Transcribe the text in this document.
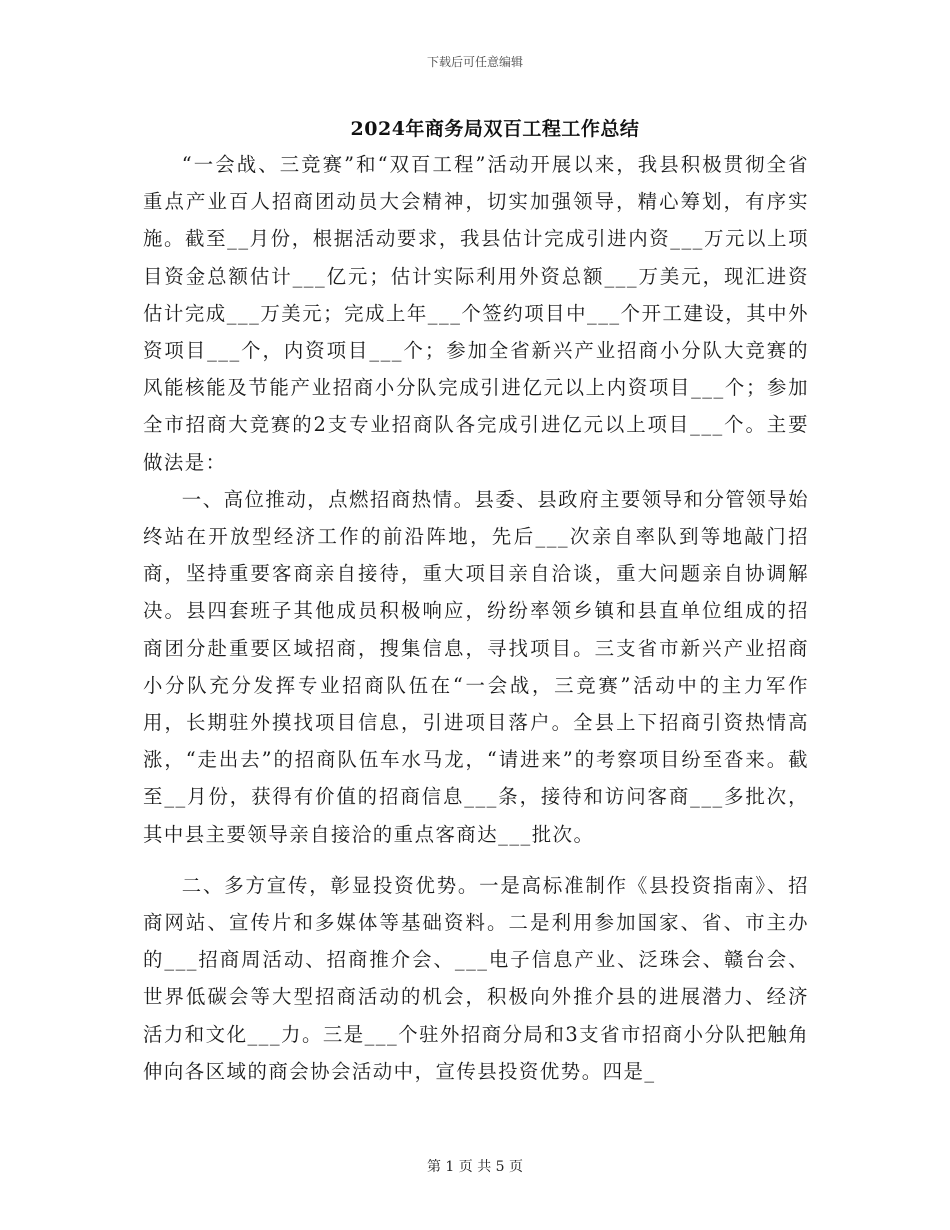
下载后可任意编辑
2024年商务局双百工程工作总结

“一会战、三竞赛”和“双百工程”活动开展以来，我县积极贯彻全省重点产业百人招商团动员大会精神，切实加强领导，精心筹划，有序实施。截至__月份，根据活动要求，我县估计完成引进内资___万元以上项目资金总额估计___亿元；估计实际利用外资总额___万美元，现汇进资估计完成___万美元；完成上年___个签约项目中___个开工建设，其中外资项目___个，内资项目___个；参加全省新兴产业招商小分队大竞赛的风能核能及节能产业招商小分队完成引进亿元以上内资项目___个；参加全市招商大竞赛的2支专业招商队各完成引进亿元以上项目___个。主要做法是：

一、高位推动，点燃招商热情。县委、县政府主要领导和分管领导始终站在开放型经济工作的前沿阵地，先后___次亲自率队到等地敲门招商，坚持重要客商亲自接待，重大项目亲自洽谈，重大问题亲自协调解决。县四套班子其他成员积极响应，纷纷率领乡镇和县直单位组成的招商团分赴重要区域招商，搜集信息，寻找项目。三支省市新兴产业招商小分队充分发挥专业招商队伍在“一会战，三竞赛”活动中的主力军作用，长期驻外摸找项目信息，引进项目落户。全县上下招商引资热情高涨，“走出去”的招商队伍车水马龙，“请进来”的考察项目纷至沓来。截至__月份，获得有价值的招商信息___条，接待和访问客商___多批次，其中县主要领导亲自接洽的重点客商达___批次。

二、多方宣传，彰显投资优势。一是高标准制作《县投资指南》、招商网站、宣传片和多媒体等基础资料。二是利用参加国家、省、市主办的___招商周活动、招商推介会、___电子信息产业、泛珠会、赣台会、世界低碳会等大型招商活动的机会，积极向外推介县的进展潜力、经济活力和文化___力。三是___个驻外招商分局和3支省市招商小分队把触角伸向各区域的商会协会活动中，宣传县投资优势。四是_

第 1 页 共 5 页
